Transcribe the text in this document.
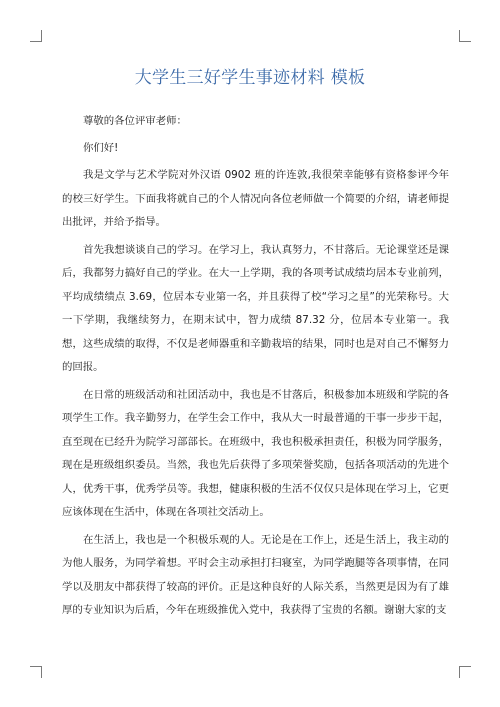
大学生三好学生事迹材料 模板

尊敬的各位评审老师：

你们好!

我是文学与艺术学院对外汉语 0902 班的许连敦,我很荣幸能够有资格参评今年的校三好学生。下面我将就自己的个人情况向各位老师做一个简要的介绍，请老师提出批评，并给予指导。

首先我想谈谈自己的学习。在学习上，我认真努力，不甘落后。无论课堂还是课后，我都努力搞好自己的学业。在大一上学期，我的各项考试成绩均居本专业前列，平均成绩绩点 3.69，位居本专业第一名，并且获得了校“学习之星”的光荣称号。大一下学期，我继续努力，在期末试中，智力成绩 87.32 分，位居本专业第一。我想，这些成绩的取得，不仅是老师器重和辛勤栽培的结果，同时也是对自己不懈努力的回报。

在日常的班级活动和社团活动中，我也是不甘落后，积极参加本班级和学院的各项学生工作。我辛勤努力，在学生会工作中，我从大一时最普通的干事一步步干起，直至现在已经升为院学习部部长。在班级中，我也积极承担责任，积极为同学服务，现在是班级组织委员。当然，我也先后获得了多项荣誉奖励，包括各项活动的先进个人，优秀干事，优秀学员等。我想，健康积极的生活不仅仅只是体现在学习上，它更应该体现在生活中，体现在各项社交活动上。

在生活上，我也是一个积极乐观的人。无论是在工作上，还是生活上，我主动的为他人服务，为同学着想。平时会主动承担打扫寝室，为同学跑腿等各项事情，在同学以及朋友中都获得了较高的评价。正是这种良好的人际关系，当然更是因为有了雄厚的专业知识为后盾，今年在班级推优入党中，我获得了宝贵的名额。谢谢大家的支
